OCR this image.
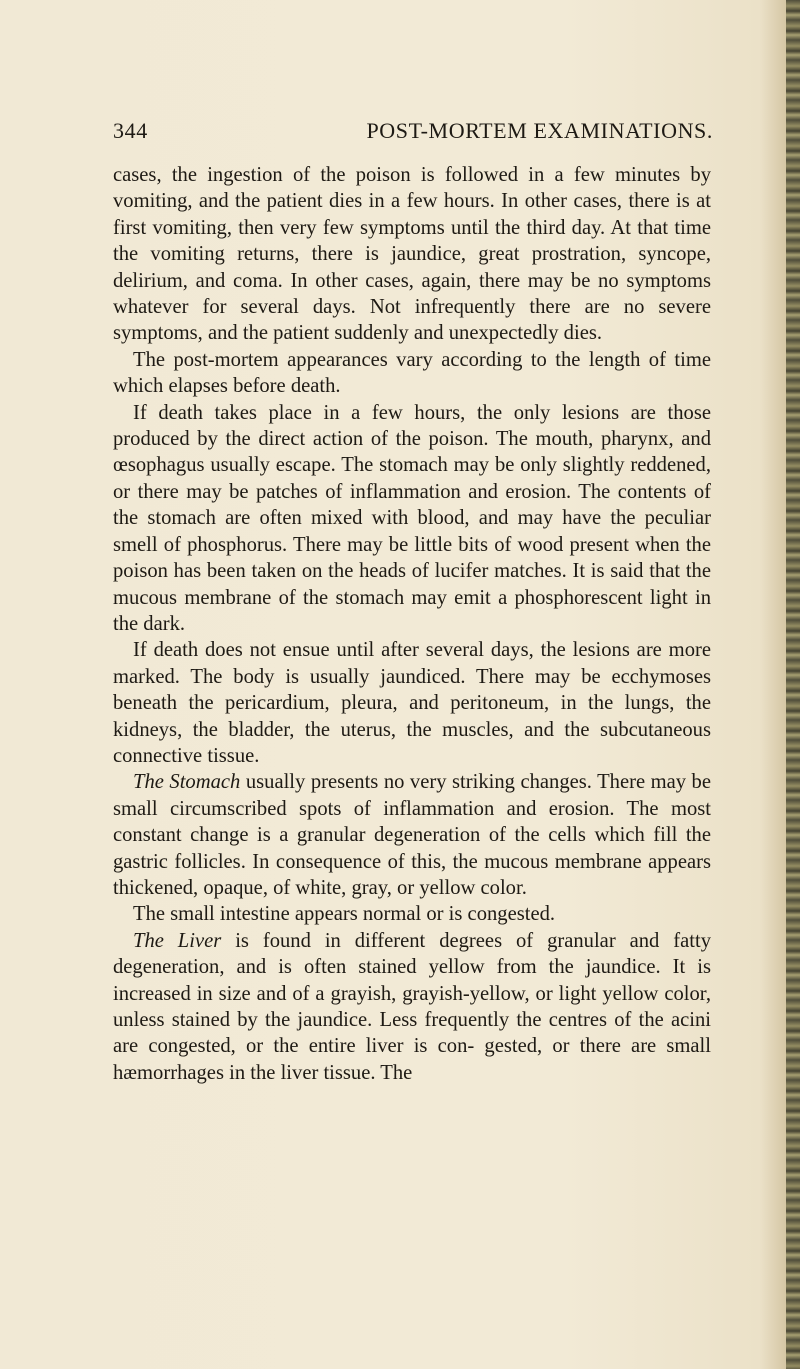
344	POST-MORTEM EXAMINATIONS.

cases, the ingestion of the poison is followed in a few minutes by vomiting, and the patient dies in a few hours. In other cases, there is at first vomiting, then very few symptoms until the third day. At that time the vomiting returns, there is jaundice, great prostration, syncope, delirium, and coma. In other cases, again, there may be no symptoms whatever for several days. Not infrequently there are no severe symptoms, and the patient suddenly and unexpectedly dies.

The post-mortem appearances vary according to the length of time which elapses before death.

If death takes place in a few hours, the only lesions are those produced by the direct action of the poison. The mouth, pharynx, and œsophagus usually escape. The stomach may be only slightly reddened, or there may be patches of inflammation and erosion. The contents of the stomach are often mixed with blood, and may have the peculiar smell of phosphorus. There may be little bits of wood present when the poison has been taken on the heads of lucifer matches. It is said that the mucous membrane of the stomach may emit a phosphorescent light in the dark.

If death does not ensue until after several days, the lesions are more marked. The body is usually jaundiced. There may be ecchymoses beneath the pericardium, pleura, and peritoneum, in the lungs, the kidneys, the bladder, the uterus, the muscles, and the subcutaneous connective tissue.

The Stomach usually presents no very striking changes. There may be small circumscribed spots of inflammation and erosion. The most constant change is a granular degeneration of the cells which fill the gastric follicles. In consequence of this, the mucous membrane appears thickened, opaque, of white, gray, or yellow color.

The small intestine appears normal or is congested.

The Liver is found in different degrees of granular and fatty degeneration, and is often stained yellow from the jaundice. It is increased in size and of a grayish, grayish-yellow, or light yellow color, unless stained by the jaundice. Less frequently the centres of the acini are congested, or the entire liver is con- gested, or there are small hæmorrhages in the liver tissue. The
